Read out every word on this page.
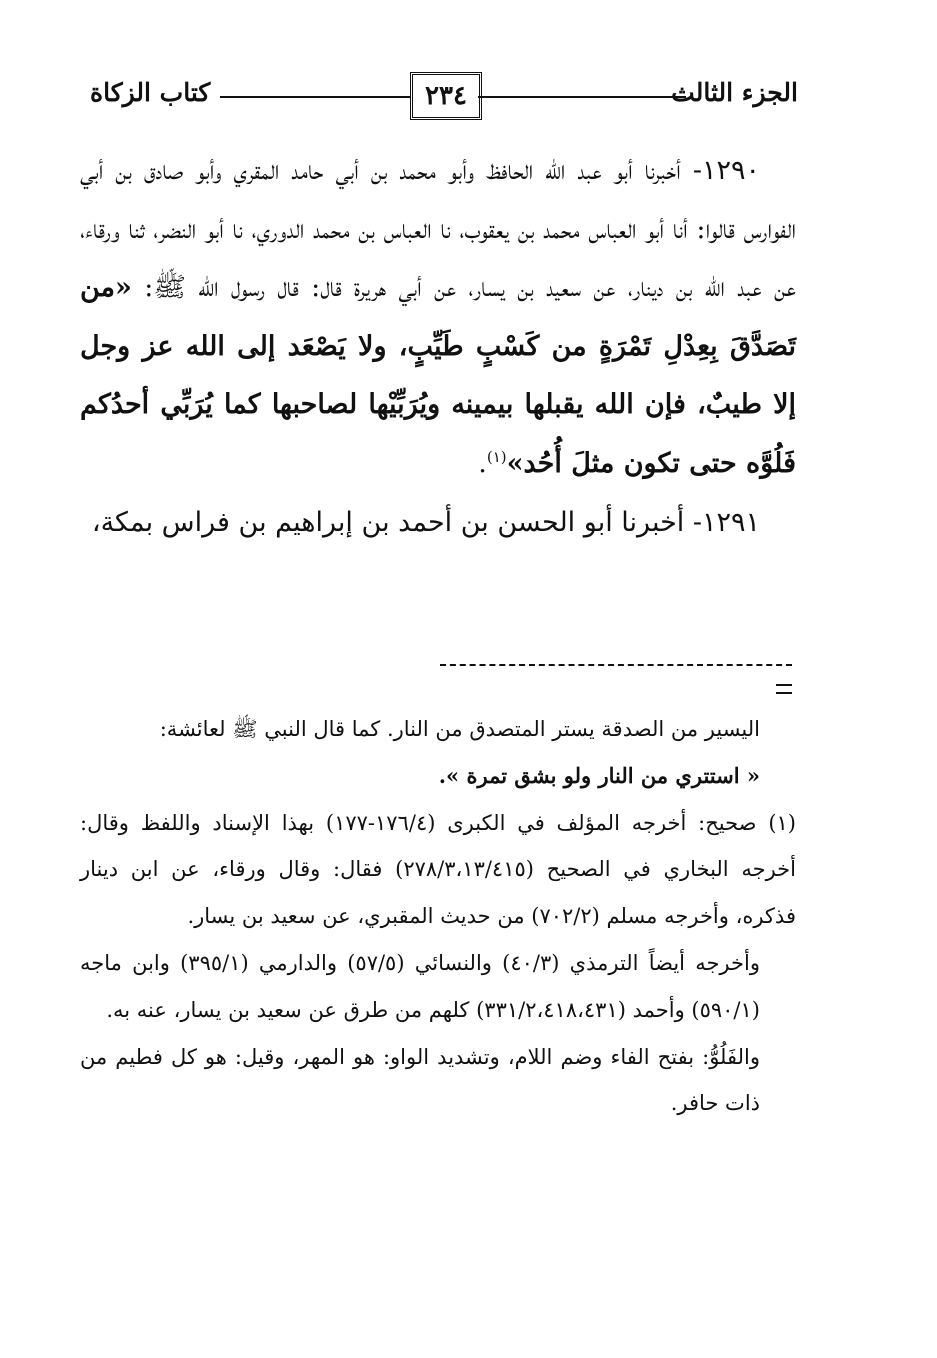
الجزء الثالث
٢٣٤
كتاب الزكاة

١٢٩٠- أخبرنا أبو عبد الله الحافظ وأبو محمد بن أبي حامد المقري وأبو صادق بن أبي الفوارس قالوا: أنا أبو العباس محمد بن يعقوب، نا العباس بن محمد الدوري، نا أبو النضر، ثنا ورقاء، عن عبد الله بن دينار، عن سعيد بن يسار، عن أبي هريرة قال: قال رسول الله ﷺ: «من تَصَدَّقَ بِعِدْلِ تَمْرَةٍ من كَسْبٍ طَيِّبٍ، ولا يَصْعَد إلى الله عز وجل إلا طيبٌ، فإن الله يقبلها بيمينه ويُرَبِّيْها لصاحبها كما يُرَبِّي أحدُكم فَلُوَّه حتى تكون مثلَ أُحُد»$^{(١)}$.

١٢٩١- أخبرنا أبو الحسن بن أحمد بن إبراهيم بن فراس بمكة،

اليسير من الصدقة يستر المتصدق من النار. كما قال النبي ﷺ لعائشة:

« استتري من النار ولو بشق تمرة ».

(١) صحيح: أخرجه المؤلف في الكبرى (١٧٦/٤-١٧٧) بهذا الإسناد واللفظ وقال: أخرجه البخاري في الصحيح (٢٧٨/٣،١٣/٤١٥) فقال: وقال ورقاء، عن ابن دينار فذكره، وأخرجه مسلم (٧٠٢/٢) من حديث المقبري، عن سعيد بن يسار.

وأخرجه أيضاً الترمذي (٤٠/٣) والنسائي (٥٧/٥) والدارمي (٣٩٥/١) وابن ماجه (٥٩٠/١) وأحمد (٣٣١/٢،٤١٨،٤٣١) كلهم من طرق عن سعيد بن يسار، عنه به.

والفَلُوُّ: بفتح الفاء وضم اللام، وتشديد الواو: هو المهر، وقيل: هو كل فطيم من ذات حافر.
